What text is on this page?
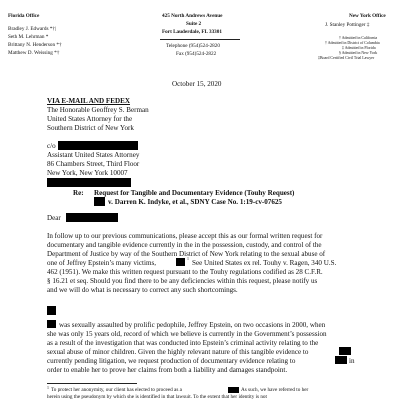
Florida Office
Bradley J. Edwards *†|
Seth M. Lehrman *
Brittany N. Henderson *†
Matthew D. Weissing *†
425 North Andrews Avenue
Suite 2
Fort Lauderdale, FL 33301
Telephone (954)524-2820
Fax (954)524-2822
New York Office
J. Stanley Pottinger ‡
† Admitted in California
† Admitted in District of Columbia
‡ Admitted in Florida
§ Admitted in New York
‡Board Certified Civil Trial Lawyer
October 15, 2020
VIA E-MAIL AND FEDEX
The Honorable Geoffrey S. Berman
United States Attorney for the
Southern District of New York
c/o
Assistant United States Attorney
86 Chambers Street, Third Floor
New York, New York 10007
Re: Request for Tangible and Documentary Evidence (Touhy Request)
v. Darren K. Indyke, et al., SDNY Case No. 1:19-cv-07625
Dear
In follow up to our previous communications, please accept this as our formal written request for
documentary and tangible evidence currently in the in the possession, custody, and control of the
Department of Justice by way of the Southern District of New York relating to the sexual abuse of
one of Jeffrey Epstein’s many victims,	1 See United States ex rel. Touhy v. Ragen, 340 U.S.
462 (1951). We make this written request pursuant to the Touhy regulations codified as 28 C.F.R.
§ 16.21 et seq. Should you find there to be any deficiencies within this request, please notify us
and we will do what is necessary to correct any such shortcomings.
was sexually assaulted by prolific pedophile, Jeffrey Epstein, on two occasions in 2000, when
she was only 15 years old, record of which we believe is currently in the Government’s possession
as a result of the investigation that was conducted into Epstein’s criminal activity relating to the
sexual abuse of minor children. Given the highly relevant nature of this tangible evidence to
currently pending litigation, we request production of documentary evidence relating to	in
order to enable her to prove her claims from both a liability and damages standpoint.
1 To protect her anonymity, our client has elected to proceed as a	As such, we have referred to her
herein using the pseudonym by which she is identified in that lawsuit. To the extent that her identity is not
